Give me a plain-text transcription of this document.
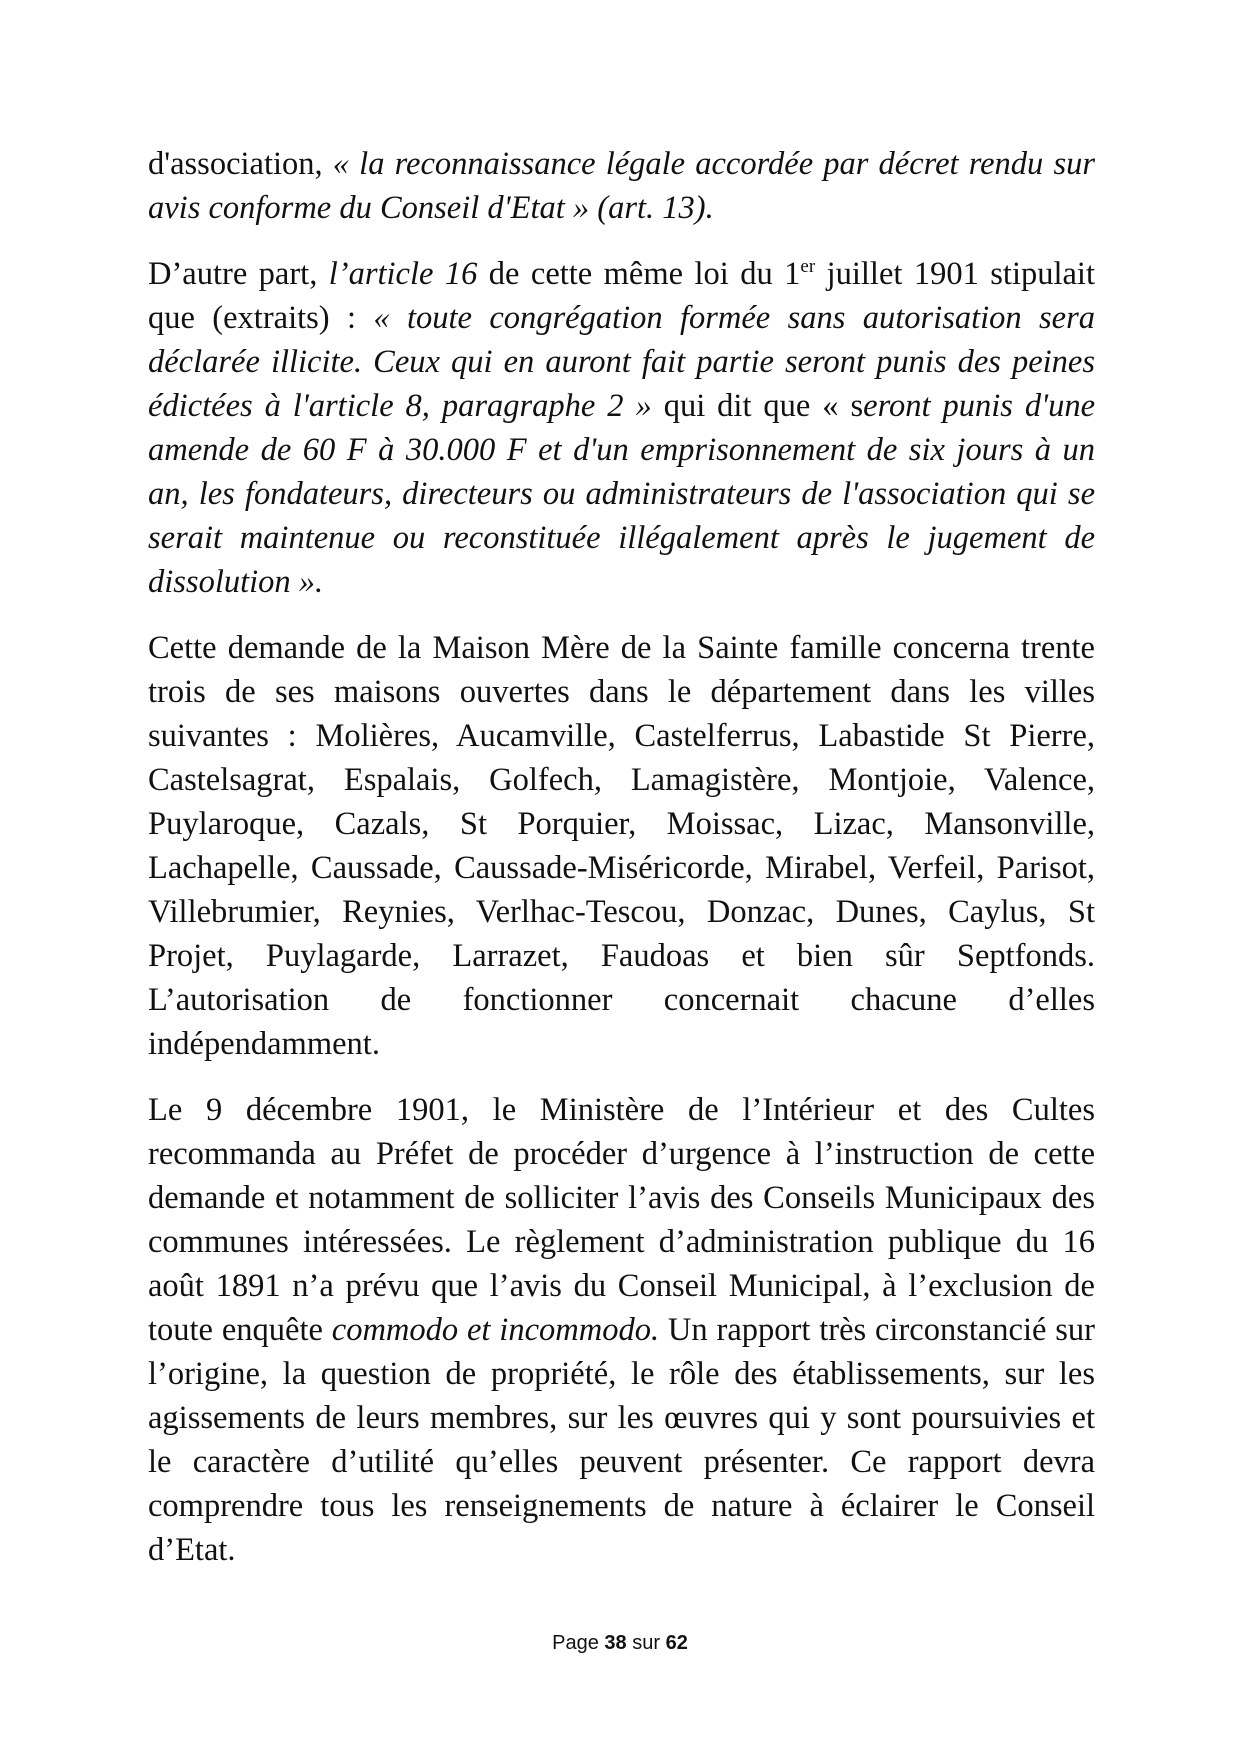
d'association, « la reconnaissance légale accordée par décret rendu sur avis conforme du Conseil d'Etat » (art. 13).

D’autre part, l’article 16 de cette même loi du 1er juillet 1901 stipulait que (extraits) : « toute congrégation formée sans autorisation sera déclarée illicite. Ceux qui en auront fait partie seront punis des peines édictées à l'article 8, paragraphe 2 » qui dit que « seront punis d'une amende de 60 F à 30.000 F et d'un emprisonnement de six jours à un an, les fondateurs, directeurs ou administrateurs de l'association qui se serait maintenue ou reconstituée illégalement après le jugement de dissolution ».

Cette demande de la Maison Mère de la Sainte famille concerna trente trois de ses maisons ouvertes dans le département dans les villes suivantes : Molières, Aucamville, Castelferrus, Labastide St Pierre, Castelsagrat, Espalais, Golfech, Lamagistère, Montjoie, Valence, Puylaroque, Cazals, St Porquier, Moissac, Lizac, Mansonville, Lachapelle, Caussade, Caussade-Miséricorde, Mirabel, Verfeil, Parisot, Villebrumier, Reynies, Verlhac-Tescou, Donzac, Dunes, Caylus, St Projet, Puylagarde, Larrazet, Faudoas et bien sûr Septfonds. L’autorisation de fonctionner concernait chacune d’elles indépendamment.

Le 9 décembre 1901, le Ministère de l’Intérieur et des Cultes recommanda au Préfet de procéder d’urgence à l’instruction de cette demande et notamment de solliciter l’avis des Conseils Municipaux des communes intéressées. Le règlement d’administration publique du 16 août 1891 n’a prévu que l’avis du Conseil Municipal, à l’exclusion de toute enquête commodo et incommodo. Un rapport très circonstancié sur l’origine, la question de propriété, le rôle des établissements, sur les agissements de leurs membres, sur les œuvres qui y sont poursuivies et le caractère d’utilité qu’elles peuvent présenter. Ce rapport devra comprendre tous les renseignements de nature à éclairer le Conseil d’Etat.

Page 38 sur 62
